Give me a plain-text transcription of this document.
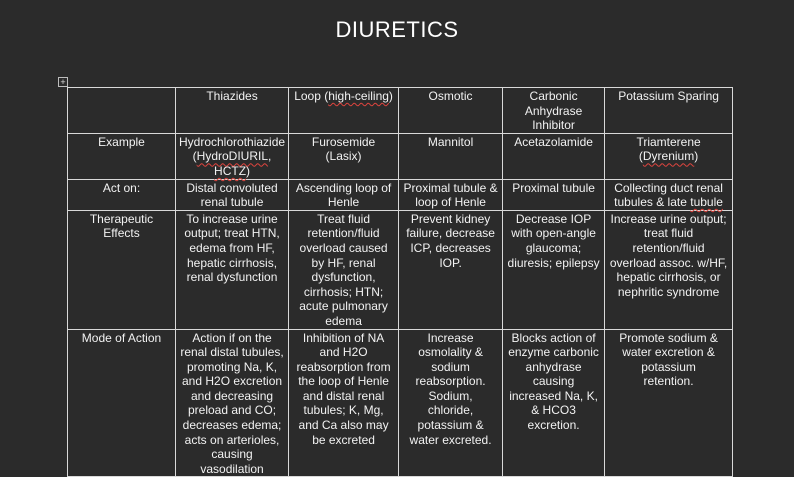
DIURETICS
+
	Thiazides	Loop (high-ceiling)	Osmotic	Carbonic Anhydrase Inhibitor	Potassium Sparing
Example	Hydrochlorothiazide (HydroDIURIL, HCTZ)	Furosemide (Lasix)	Mannitol	Acetazolamide	Triamterene (Dyrenium)
Act on:	Distal convoluted renal tubule	Ascending loop of Henle	Proximal tubule & loop of Henle	Proximal tubule	Collecting duct renal tubules & late tubule
Therapeutic Effects	To increase urine output; treat HTN, edema from HF, hepatic cirrhosis, renal dysfunction	Treat fluid retention/fluid overload caused by HF, renal dysfunction, cirrhosis; HTN; acute pulmonary edema	Prevent kidney failure, decrease ICP, decreases IOP.	Decrease IOP with open-angle glaucoma; diuresis; epilepsy	Increase urine output; treat fluid retention/fluid overload assoc. w/HF, hepatic cirrhosis, or nephritic syndrome
Mode of Action	Action if on the renal distal tubules, promoting Na, K, and H2O excretion and decreasing preload and CO; decreases edema; acts on arterioles, causing vasodilation	Inhibition of NA and H2O reabsorption from the loop of Henle and distal renal tubules; K, Mg, and Ca also may be excreted	Increase osmolality & sodium reabsorption. Sodium, chloride, potassium & water excreted.	Blocks action of enzyme carbonic anhydrase causing increased Na, K, & HCO3 excretion.	Promote sodium & water excretion & potassium retention.
